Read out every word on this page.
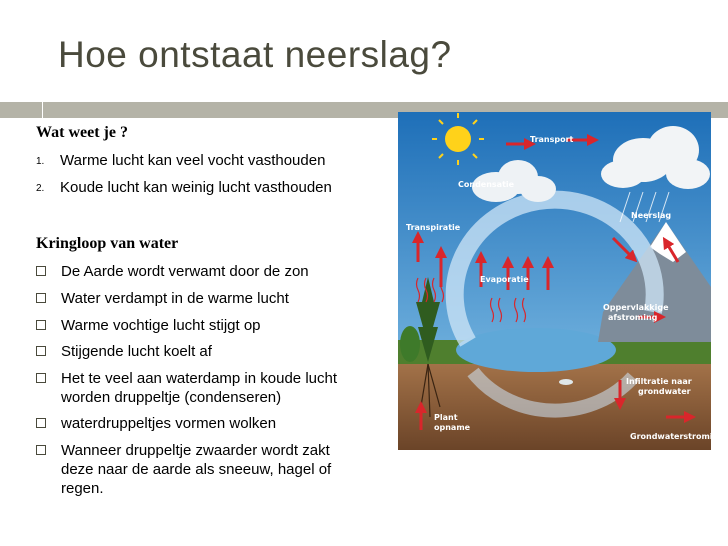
Hoe ontstaat neerslag?
Wat weet je ?
1. Warme lucht kan veel vocht vasthouden
2. Koude lucht kan weinig lucht vasthouden
Kringloop van water
De Aarde wordt verwamt door de zon
Water verdampt in de warme lucht
Warme vochtige lucht stijgt op
Stijgende lucht koelt af
Het te veel aan waterdamp in koude lucht worden druppeltje (condenseren)
waterdruppeltjes vormen wolken
Wanneer druppeltje zwaarder wordt zakt deze naar de aarde als sneeuw, hagel of regen.
Transport
Condensatie
Neerslag
Transpiratie
Evaporatie
Oppervlakkige
afstroming
Infiltratie naar
grondwater
Plant
opname
Grondwaterstroming
